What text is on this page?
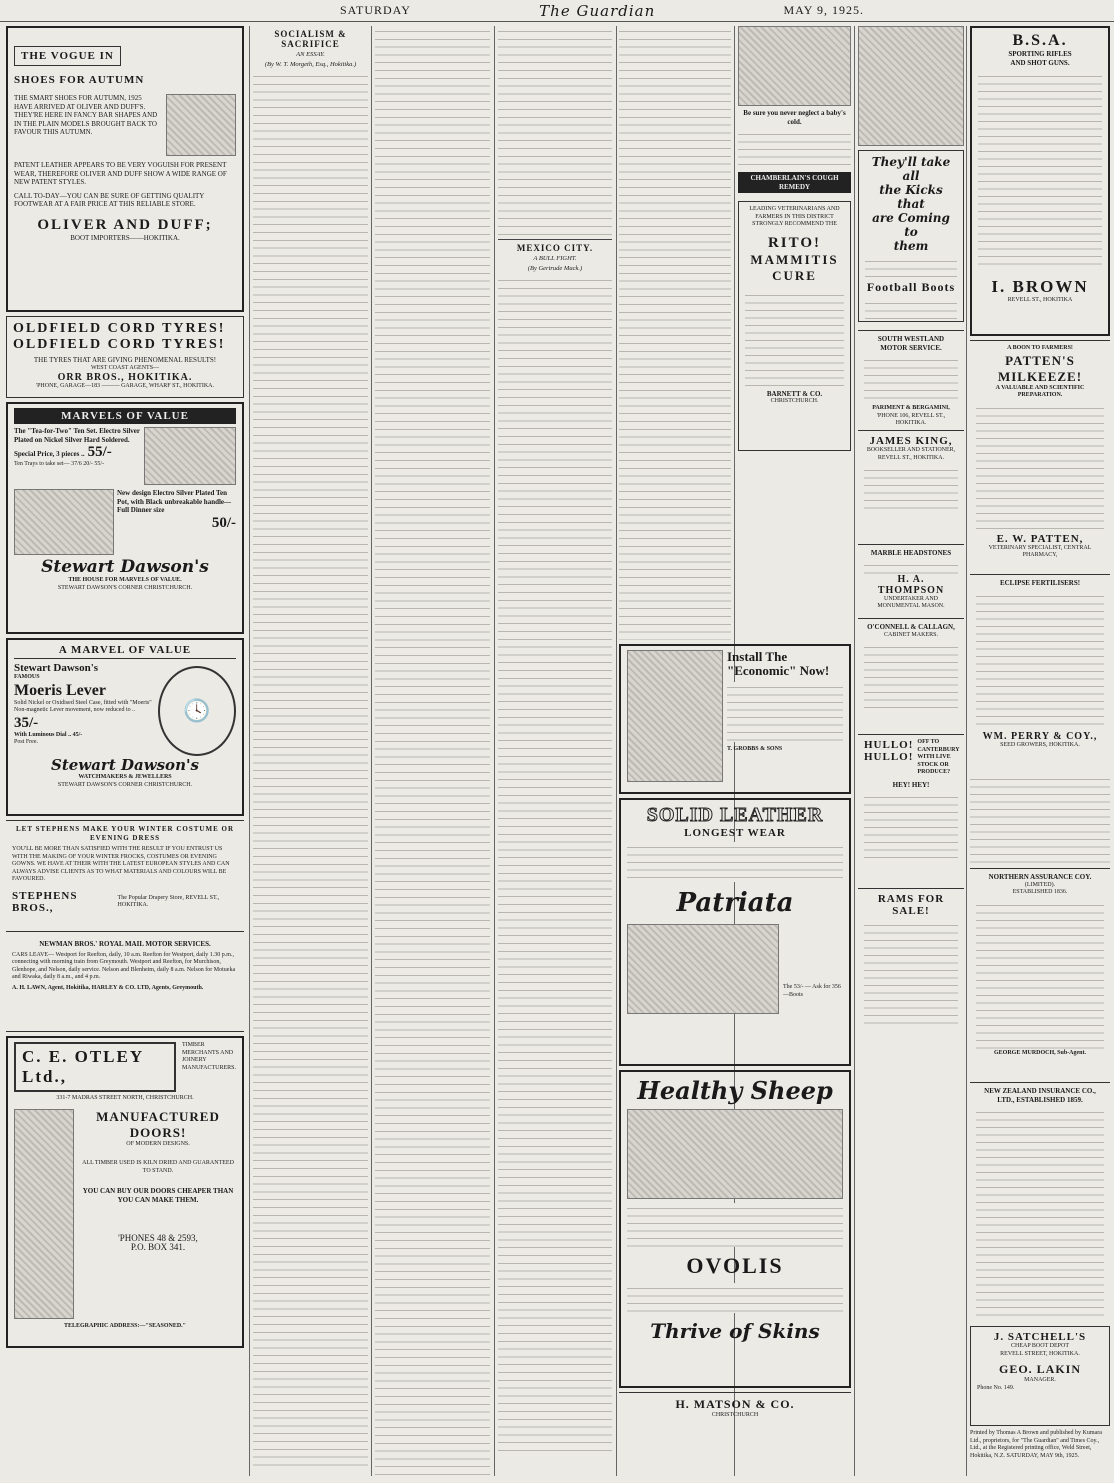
SATURDAY	The Guardian	MAY 9, 1925.
THE VOGUE IN
SHOES FOR AUTUMN
THE SMART SHOES FOR AUTUMN, 1925 HAVE ARRIVED AT OLIVER AND DUFF'S. THEY'RE HERE IN FANCY BAR SHAPES AND IN THE PLAIN MODELS BROUGHT BACK TO FAVOUR THIS AUTUMN.
PATENT LEATHER APPEARS TO BE VERY VOGUISH FOR PRESENT WEAR, THEREFORE OLIVER AND DUFF SHOW A WIDE RANGE OF NEW PATENT STYLES.
CALL TO-DAY—YOU CAN BE SURE OF GETTING QUALITY FOOTWEAR AT A FAIR PRICE AT THIS RELIABLE STORE.
OLIVER AND DUFF;
BOOT IMPORTERS——HOKITIKA.
OLDFIELD CORD TYRES!
OLDFIELD CORD TYRES!
THE TYRES THAT ARE GIVING PHENOMENAL RESULTS!
WEST COAST AGENTS—
ORR BROS., HOKITIKA.
'PHONE, GARAGE—183 ——— GARAGE, WHARF ST., HOKITIKA.
MARVELS OF VALUE
The "Tea-for-Two" Ten Set. Electro Silver Plated on Nickel Silver Hard Soldered.
Special Price, 3 pieces .. 55/-
Ten Trays to take set— 37/6 20/- 55/-
New design Electro Silver Plated Ten Pot, with Black unbreakable handle— Full Dinner size
50/-
Stewart Dawson's
THE HOUSE FOR MARVELS OF VALUE.
STEWART DAWSON'S CORNER CHRISTCHURCH.
A MARVEL OF VALUE
Stewart Dawson's
FAMOUS
Moeris Lever
Solid Nickel or Oxidised Steel Case, fitted with "Moeris" Non-magnetic Lever movement, now reduced to ..
35/-
With Luminous Dial .. 45/-
Post Free.
🕓
Stewart Dawson's
WATCHMAKERS & JEWELLERS
STEWART DAWSON'S CORNER CHRISTCHURCH.
LET STEPHENS MAKE YOUR WINTER COSTUME OR EVENING DRESS
YOU'LL BE MORE THAN SATISFIED WITH THE RESULT IF YOU ENTRUST US WITH THE MAKING OF YOUR WINTER FROCKS, COSTUMES OR EVENING GOWNS. WE HAVE AT THEIR WITH THE LATEST EUROPEAN STYLES AND CAN ALWAYS ADVISE CLIENTS AS TO WHAT MATERIALS AND COLOURS WILL BE FAVOURED.
STEPHENS BROS.,
The Popular Drapery Store, REVELL ST., HOKITIKA.
NEWMAN BROS.' ROYAL MAIL MOTOR SERVICES.
CARS LEAVE— Westport for Reefton, daily, 10 a.m. Reefton for Westport, daily 1.30 p.m., connecting with morning train from Greymouth. Westport and Reefton, for Murchison, Glenhope, and Nelson, daily service. Nelson and Blenheim, daily 8 a.m. Nelson for Motueka and Riwaka, daily 8 a.m., and 4 p.m.
A. H. LAWN, Agent, Hokitika, HARLEY & CO. LTD, Agents, Greymouth.
C. E. OTLEY Ltd.,
TIMBER MERCHANTS AND JOINERY MANUFACTURERS.
331-7 MADRAS STREET NORTH, CHRISTCHURCH.
MANUFACTURED DOORS!
OF MODERN DESIGNS.
ALL TIMBER USED IS KILN DRIED AND GUARANTEED TO STAND.
YOU CAN BUY OUR DOORS CHEAPER THAN YOU CAN MAKE THEM.
'PHONES 48 & 2593,
P.O. BOX 341.
TELEGRAPHIC ADDRESS:—"SEASONED."
SOCIALISM & SACRIFICE
AN ESSAY.
(By W. T. Morgeth, Esq., Hokitika.)
MEXICO CITY.
A BULL FIGHT.
(By Gertrude Mack.)
Install The "Economic" Now!
T. GROBBS & SONS
SOLID LEATHER
LONGEST WEAR
Patriata
The 53/- — Ask for 356—Boots
Healthy Sheep
OVOLIS
Thrive of Skins
H. MATSON & CO.
CHRISTCHURCH
Be sure you never neglect a baby's cold.
CHAMBERLAIN'S COUGH REMEDY
LEADING VETERINARIANS AND FARMERS IN THIS DISTRICT STRONGLY RECOMMEND THE
RITO!
MAMMITIS
CURE
BARNETT & CO.
CHRISTCHURCH.
They'll take all
the Kicks that
are Coming to
them
Football Boots
SOUTH WESTLAND MOTOR SERVICE.
PARIMENT & BERGAMINI,
'PHONE 106, REVELL ST., HOKITIKA.
JAMES KING,
BOOKSELLER AND STATIONER,
REVELL ST., HOKITIKA.
MARBLE HEADSTONES
H. A. THOMPSON
UNDERTAKER AND MONUMENTAL MASON.
O'CONNELL & CALLAGN,
CABINET MAKERS.
HULLO!
HULLO!
OFF TO CANTERBURY WITH LIVE STOCK OR PRODUCE?
HEY! HEY!
RAMS FOR SALE!
B.S.A.
SPORTING RIFLES
AND SHOT GUNS.
I. BROWN
REVELL ST., HOKITIKA
A BOON TO FARMERS!
PATTEN'S
MILKEEZE!
A VALUABLE AND SCIENTIFIC PREPARATION.
E. W. PATTEN,
VETERINARY SPECIALIST, CENTRAL PHARMACY,
ECLIPSE FERTILISERS!
WM. PERRY & COY.,
SEED GROWERS, HOKITIKA.
NORTHERN ASSURANCE COY.
(LIMITED).
ESTABLISHED 1836.
GEORGE MURDOCH, Sub-Agent.
NEW ZEALAND INSURANCE CO., LTD., ESTABLISHED 1859.
J. SATCHELL'S
CHEAP BOOT DEPOT
REVELL STREET, HOKITIKA.
GEO. LAKIN
MANAGER.
Phone No. 149.
Printed by Thomas A Brown and published by Kumara Ltd., proprietors, for "The Guardian" and Times Coy., Ltd., at the Registered printing office, Weld Street, Hokitika, N.Z. SATURDAY, MAY 9th, 1925.
